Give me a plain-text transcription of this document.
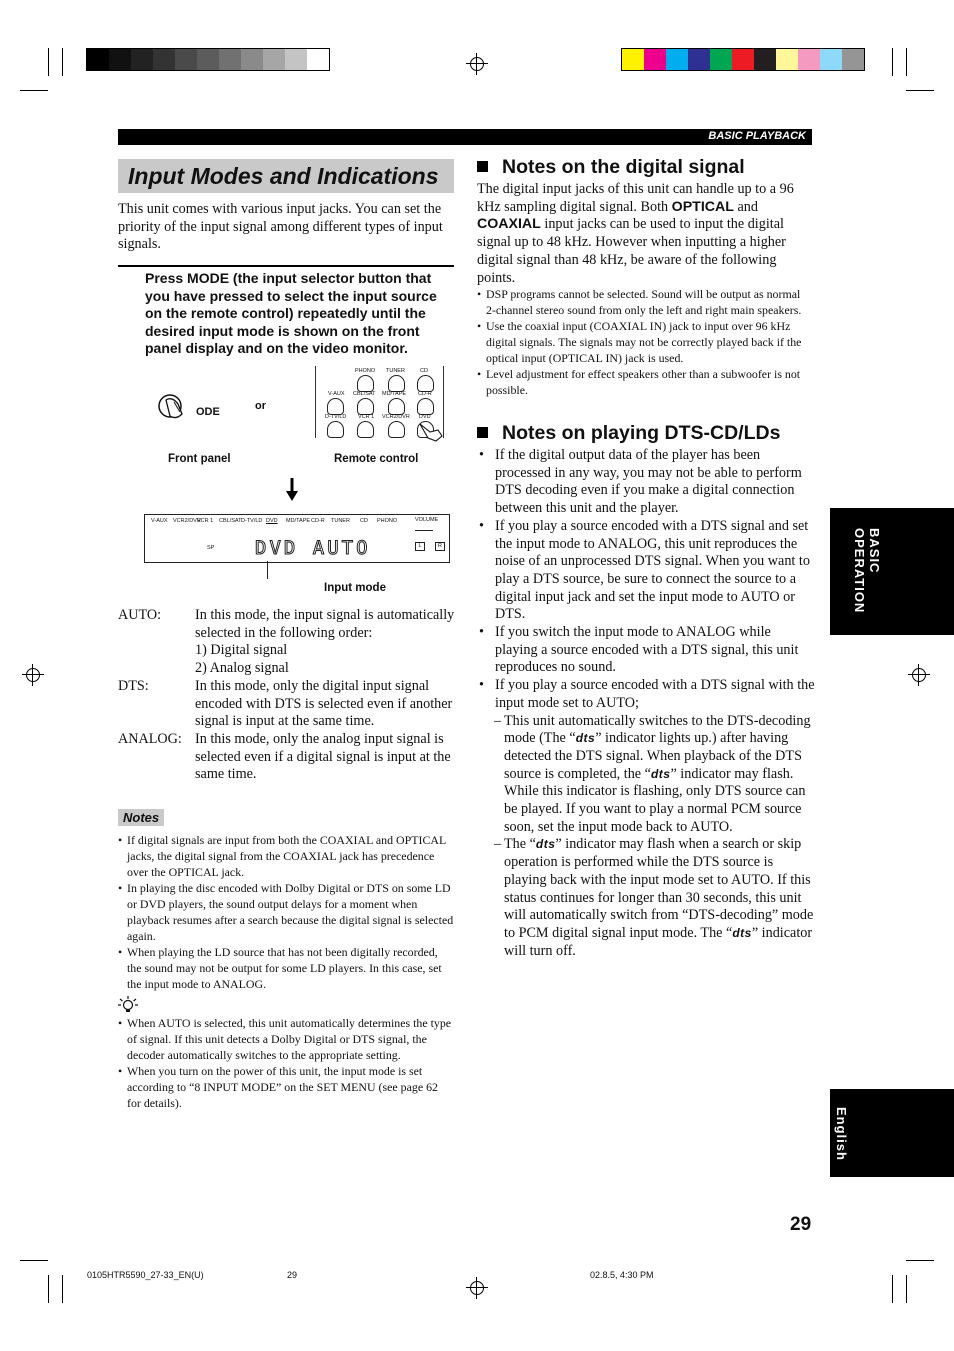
BASIC PLAYBACK
Input Modes and Indications

This unit comes with various input jacks. You can set the priority of the input signal among different types of input signals.

Press MODE (the input selector button that you have pressed to select the input source on the remote control) repeatedly until the desired input mode is shown on the front panel display and on the video monitor.

ODE	or
PHONO TUNER	CD
V-AUX CBL/SAT MD/TAPE CD-R
D-TV/LD VCR 1 VCR2/DVR DVD
Front panel	Remote control
V-AUX VCR2/DVR
VCR 1 CBL/SAT D-TV/LD DVD MD/TAPE CD-R TUNER CD PHONO	VOLUME
SP DVD AUTO	L	R
Input mode
AUTO: In this mode, the input signal is automatically selected in the following order:
1) Digital signal
2) Analog signal
DTS:	In this mode, only the digital input signal encoded with DTS is selected even if another signal is input at the same time.
ANALOG: In this mode, only the analog input signal is selected even if a digital signal is input at the same time.
Notes
• If digital signals are input from both the COAXIAL and OPTICAL jacks, the digital signal from the COAXIAL jack has precedence over the OPTICAL jack.
• In playing the disc encoded with Dolby Digital or DTS on some LD or DVD players, the sound output delays for a moment when playback resumes after a search because the digital signal is selected again.
• When playing the LD source that has not been digitally recorded, the sound may not be output for some LD players. In this case, set the input mode to ANALOG.
• When AUTO is selected, this unit automatically determines the type of signal. If this unit detects a Dolby Digital or DTS signal, the decoder automatically switches to the appropriate setting.
• When you turn on the power of this unit, the input mode is set according to “8 INPUT MODE” on the SET MENU (see page 62 for details).
Notes on the digital signal

The digital input jacks of this unit can handle up to a 96 kHz sampling digital signal. Both OPTICAL and COAXIAL input jacks can be used to input the digital signal up to 48 kHz. However when inputting a higher digital signal than 48 kHz, be aware of the following points.

• DSP programs cannot be selected. Sound will be output as normal 2-channel stereo sound from only the left and right main speakers.
• Use the coaxial input (COAXIAL IN) jack to input over 96 kHz digital signals. The signals may not be correctly played back if the optical input (OPTICAL IN) jack is used.
• Level adjustment for effect speakers other than a subwoofer is not possible.
Notes on playing DTS-CD/LDs
• If the digital output data of the player has been processed in any way, you may not be able to perform DTS decoding even if you make a digital connection between this unit and the player.
• If you play a source encoded with a DTS signal and set the input mode to ANALOG, this unit reproduces the noise of an unprocessed DTS signal. When you want to play a DTS source, be sure to connect the source to a digital input jack and set the input mode to AUTO or DTS.
• If you switch the input mode to ANALOG while playing a source encoded with a DTS signal, this unit reproduces no sound.
• If you play a source encoded with a DTS signal with the input mode set to AUTO;
– This unit automatically switches to the DTS-decoding mode (The “dts” indicator lights up.) after having detected the DTS signal. When playback of the DTS source is completed, the “dts” indicator may flash. While this indicator is flashing, only DTS source can be played. If you want to play a normal PCM source soon, set the input mode back to AUTO.
– The “dts” indicator may flash when a search or skip operation is performed while the DTS source is playing back with the input mode set to AUTO. If this status continues for longer than 30 seconds, this unit will automatically switch from “DTS-decoding” mode to PCM digital signal input mode. The “dts” indicator will turn off.
BASIC OPERATION
English
29
0105HTR5590_27-33_EN(U)	29	02.8.5, 4:30 PM
